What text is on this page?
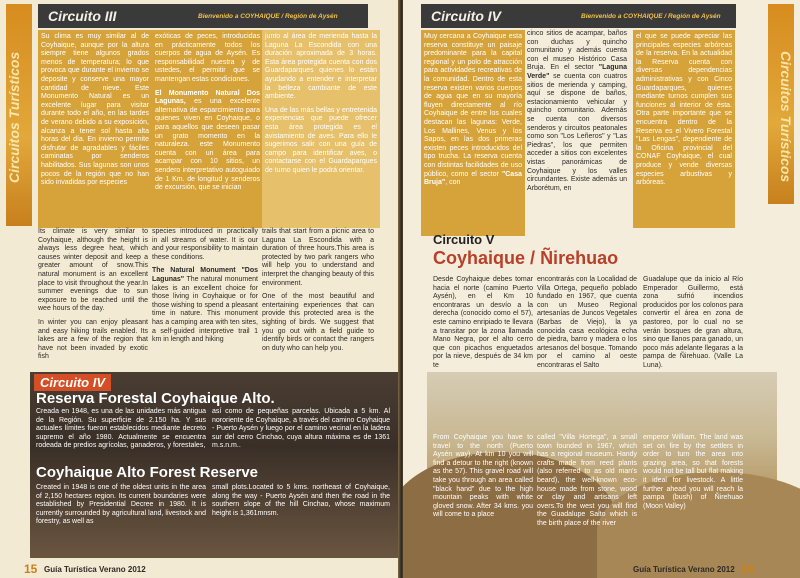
Circuitos Turísticos
Circuito III	Bienvenido a COYHAIQUE / Región de Aysén

Su clima es muy similar al de Coyhaique, aunque por la altura siempre tiene algunos grados menos de temperatura; lo que provoca que durante el invierno se deposite y conserve una mayor cantidad de nieve. Este Monumento Natural es un excelente lugar para visitar durante todo el año, en las tardes de verano debido a su exposición, alcanza a tener sol hasta alta horas del día. En invierno permite disfrutar de agradables y fáciles caminatas por senderos habilitados. Sus lagunas son unos pocos de la región que no han sido invadidas por especies

exóticas de peces, introducidas en prácticamente todos los cuerpos de agua de Aysén. Es responsabilidad nuestra y de ustedes, el permitir que se mantengan estas condiciones.

El Monumento Natural Dos Lagunas, es una excelente alternativa de esparcimiento para quienes viven en Coyhaique, o para aquellos que deseen pasar un grato momento en la naturaleza. este Monumento cuenta con un área para acampar con 10 sitios, un sendero interpretativo autoguiado de 1 Km. de longitud y senderos de excursión, que se inician

junto al área de merienda hasta la Laguna La Escondida con una duración aproximada de 3 horas. Esta área protegida cuenta con dos Guardaparques quienes lo están ayudando a entender e interpretar la belleza cambiante de este ambiente.

Una de las más bellas y entretenida experiencias que puede ofrecer esta área protegida es el avistamiento de aves. Para ello le sugerimos salir con una guía de campo para identificar aves, o contactarse con el Guardaparques de turno quien le podrá orientar.

Its climate is very similar to Coyhaique, although the height is always less degree heat, which causes winter deposit and keep a greater amount of snow.This natural monument is an excellent place to visit throughout the year.In summer evenings due to sun exposure to be reached until the wee hours of the day.

In winter you can enjoy pleasant and easy hiking trails enabled. Its lakes are a few of the region that have not been invaded by exotic fish

species introduced in practically in all streams of water. It is our and your responsibility to maintain these conditions.

The Natural Monument "Dos Lagunas" The natural monument lakes is an excellent choice for those living in Coyhaique or for those wishing to spend a pleasant time in nature. This monument has a camping area with ten sites, a self-guided interpretive trail 1 km in length and hiking

trails that start from a picnic area to Laguna La Escondida with a duration of three hours.This area is protected by two park rangers who will help you to understand and interpret the changing beauty of this environment.

One of the most beautiful and entertaining experiences that can provide this protected area is the sighting of birds. We suggest that you go out with a field guide to identify birds or contact the rangers on duty who can help you.

Circuito IV
Reserva Forestal Coyhaique Alto.
Creada en 1948, es una de las unidades más antigua de la Región. Su superficie de 2.150 ha. Y sus actuales límites fueron establecidos mediante decreto supremo el año 1980. Actualmente se encuentra rodeada de predios agrícolas, ganaderos, y forestales,
así como de pequeñas parcelas. Ubicada a 5 km. Al nororiente de Coyhaique, a través del camino Coyhaique - Puerto Aysén y luego por el camino vecinal en la ladera sur del cerro Cinchao, cuya altura máxima es de 1361 m.s.n.m..
Coyhaique Alto Forest Reserve
Created in 1948 is one of the oldest units in the area of 2,150 hectares region. Its current boundaries were established by Presidential Decree in 1980. It is currently surrounded by agricultural land, livestock and forestry, as well as
small plots.Located to 5 kms. northeast of Coyhaique, along the way - Puerto Aysén and then the road in the southern slope of the hill Cinchao, whose maximum height is 1,361mnsm.
15 Guía Turística Verano 2012
Circuito IV	Bienvenido a COYHAIQUE / Región de Aysén
Circuitos Turísticos
Muy cercana a Coyhaique esta reserva constituye un paisaje predominante para la capital regional y un polo de atracción para actividades recreativas de la comunidad. Dentro de esta reserva existen varios cuerpos de agua que en su mayoría fluyen directamente al río Coyhaique de entre los cuales destacan las lagunas: Verde, Los Mallines, Venus y los Sapos, en las dos primeras existen peces introducidos del tipo trucha. La reserva cuenta con distintas facilidades de uso público, como el sector "Casa Bruja", con
cinco sitios de acampar, baños con duchas y quincho comunitario y además cuenta con el museo Histórico Casa Bruja. En el sector "Laguna Verde" se cuenta con cuatros sitios de merienda y camping, aquí se dispone de baños, estacionamiento vehicular y quincho comunitario. Además se cuenta con diversos senderos y circuitos peatonales como son "Los Leñeros" y "Las Piedras", los que permiten acceder a sitios con excelentes vistas panorámicas de Coyhaique y los valles circundantes. Existe además un Arborétum, en
el que se puede apreciar las principales especies arbóreas de la reserva. En la actualidad la Reserva cuenta con diversas dependencias administrativas y con Cinco Guardaparques, quienes mediante turnos cumplen sus funciones al interior de ésta. Otra parte importante que se encuentra dentro de la Reserva es el Vivero Forestal "Las Lengas", dependiente de la Oficina provincial del CONAF Coyhaique, el cual produce y vende diversas especies arbustivas y arbóreas.
Circuito V
Coyhaique / Ñirehuao
Desde Coyhaique debes tomar hacia el norte (camino Puerto Aysén), en el Km 10 encontraras un desvío a la derecha (conocido como el 57), este camino enripiado te llevara a transitar por la zona llamada Mano Negra, por el alto cerro que con picachos enguetados por la nieve, después de 34 km te
encontrarás con la Localidad de Villa Ortega, pequeño poblado fundado en 1967, que cuenta con un Museo Regional artesanías de Juncos Vegetales (Barbas de Viejo), la ya conocida casa ecológica echa de piedra, barro y madera o los artesanos del bosque. Tomando por el camino al oeste encontraras el Salto
Guadalupe que da inicio al Río Emperador Guillermo, está zona sufrió incendios producidos por los colonos para convertir el área en zona de pastoreo, por lo cual no se verán bosques de gran altura, sino que llanos para ganado, un poco más adelante llegaras a la pampa de Ñirehuao. (Valle La Luna).
From Coyhaique you have to travel to the north (Puerto Aysén way). At km 10 you will find a detour to the right (known as the 57). This gravel road will take you through an area called "black hand" due to the high mountain peaks with white gloved snow. After 34 kms. you will come to a place
called "Villa Hortega", a small town founded in 1967, which has a regional museum. Handy crafts made from reed plants (also referred to as old man's beard), the well-known eco-house made from stone, wood or clay and artisans left overs.To the west you will find the Guadalupe Salto which is the birth place of the river
emperor William. The land was set on fire by the settlers in order to turn the area into grazing area, so that forests would not be tall but flat making it ideal for livestock. A little further ahead you will reach la pampa (bush) of Ñirehuao (Moon Valley)
Guía Turística Verano 2012 16
